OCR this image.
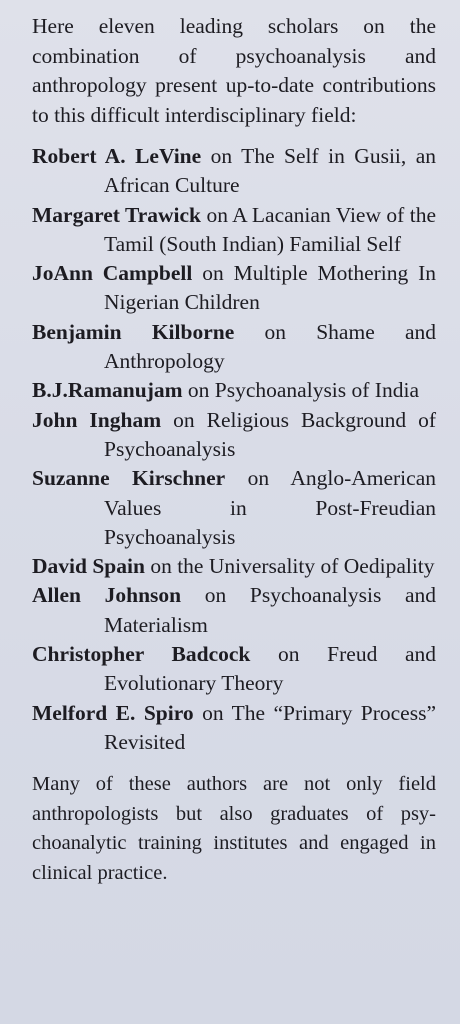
Here eleven leading scholars on the combination of psychoanalysis and anthropology present up-to-date contributions to this difficult interdisciplinary field:

Robert A. LeVine on The Self in Gusii, an African Culture
Margaret Trawick on A Lacanian View of the Tamil (South Indian) Familial Self
JoAnn Campbell on Multiple Mothering In Nigerian Children
Benjamin Kilborne on Shame and Anthropology
B.J.Ramanujam on Psychoanalysis of India
John Ingham on Religious Background of Psychoanalysis
Suzanne Kirschner on Anglo-American Values in Post-Freudian Psychoanalysis
David Spain on the Universality of Oedipality
Allen Johnson on Psychoanalysis and Materialism
Christopher Badcock on Freud and Evolutionary Theory
Melford E. Spiro on The “Primary Process” Revisited

Many of these authors are not only field anthropologists but also graduates of psychoanalytic training institutes and engaged in clinical practice.
